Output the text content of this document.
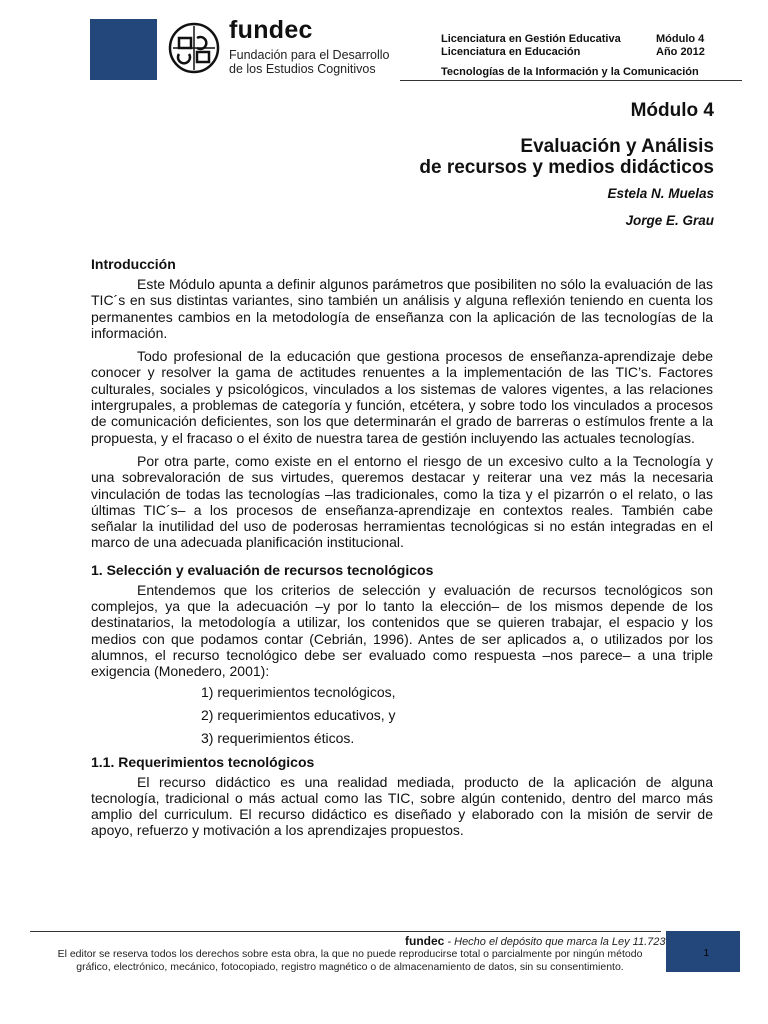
fundec
Fundación para el Desarrollo
de los Estudios Cognitivos
Licenciatura en Gestión Educativa	Módulo 4
Licenciatura en Educación	Año 2012
Tecnologías de la Información y la Comunicación
Módulo 4
Evaluación y Análisis
de recursos y medios didácticos
Estela N. Muelas
Jorge E. Grau
Introducción

Este Módulo apunta a definir algunos parámetros que posibiliten no sólo la evaluación de las TIC´s en sus distintas variantes, sino también un análisis y alguna reflexión teniendo en cuenta los permanentes cambios en la metodología de enseñanza con la aplicación de las tecnologías de la información.

Todo profesional de la educación que gestiona procesos de enseñanza-aprendizaje debe conocer y resolver la gama de actitudes renuentes a la implementación de las TIC’s. Factores culturales, sociales y psicológicos, vinculados a los sistemas de valores vigentes, a las relaciones intergrupales, a problemas de categoría y función, etcétera, y sobre todo los vinculados a procesos de comunicación deficientes, son los que determinarán el grado de barreras o estímulos frente a la propuesta, y el fracaso o el éxito de nuestra tarea de gestión incluyendo las actuales tecnologías.

Por otra parte, como existe en el entorno el riesgo de un excesivo culto a la Tecnología y una sobrevaloración de sus virtudes, queremos destacar y reiterar una vez más la necesaria vinculación de todas las tecnologías –las tradicionales, como la tiza y el pizarrón o el relato, o las últimas TIC´s– a los procesos de enseñanza-aprendizaje en contextos reales. También cabe señalar la inutilidad del uso de poderosas herramientas tecnológicas si no están integradas en el marco de una adecuada planificación institucional.

1. Selección y evaluación de recursos tecnológicos

Entendemos que los criterios de selección y evaluación de recursos tecnológicos son complejos, ya que la adecuación –y por lo tanto la elección– de los mismos depende de los destinatarios, la metodología a utilizar, los contenidos que se quieren trabajar, el espacio y los medios con que podamos contar (Cebrián, 1996). Antes de ser aplicados a, o utilizados por los alumnos, el recurso tecnológico debe ser evaluado como respuesta –nos parece– a una triple exigencia (Monedero, 2001):

1) requerimientos tecnológicos,
2) requerimientos educativos, y
3) requerimientos éticos.
1.1. Requerimientos tecnológicos

El recurso didáctico es una realidad mediada, producto de la aplicación de alguna tecnología, tradicional o más actual como las TIC, sobre algún contenido, dentro del marco más amplio del curriculum. El recurso didáctico es diseñado y elaborado con la misión de servir de apoyo, refuerzo y motivación a los aprendizajes propuestos.

fundec - Hecho el depósito que marca la Ley 11.723
El editor se reserva todos los derechos sobre esta obra, la que no puede reproducirse total o parcialmente por ningún método
gráfico, electrónico, mecánico, fotocopiado, registro magnético o de almacenamiento de datos, sin su consentimiento.
1
